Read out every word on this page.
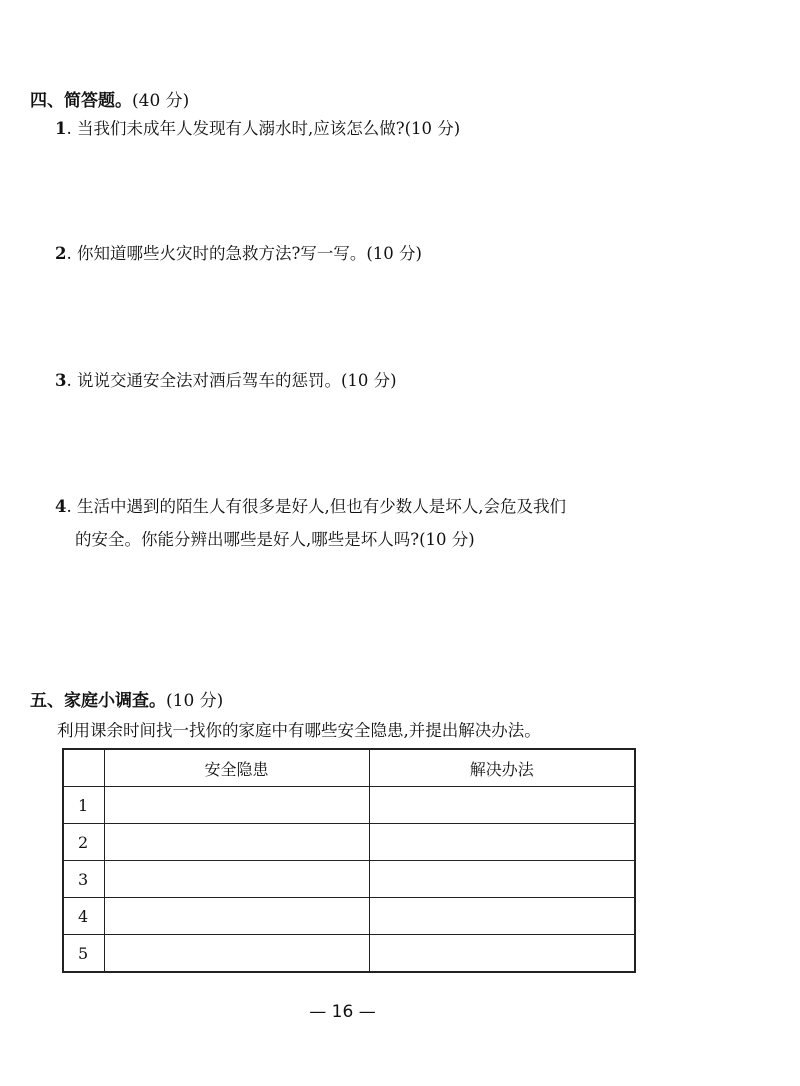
四、简答题。(40 分)
1. 当我们未成年人发现有人溺水时,应该怎么做?(10 分)
2. 你知道哪些火灾时的急救方法?写一写。(10 分)
3. 说说交通安全法对酒后驾车的惩罚。(10 分)
4. 生活中遇到的陌生人有很多是好人,但也有少数人是坏人,会危及我们
的安全。你能分辨出哪些是好人,哪些是坏人吗?(10 分)
五、家庭小调查。(10 分)
利用课余时间找一找你的家庭中有哪些安全隐患,并提出解决办法。
	安全隐患	解决办法
1		
2		
3		
4		
5		
— 16 —
